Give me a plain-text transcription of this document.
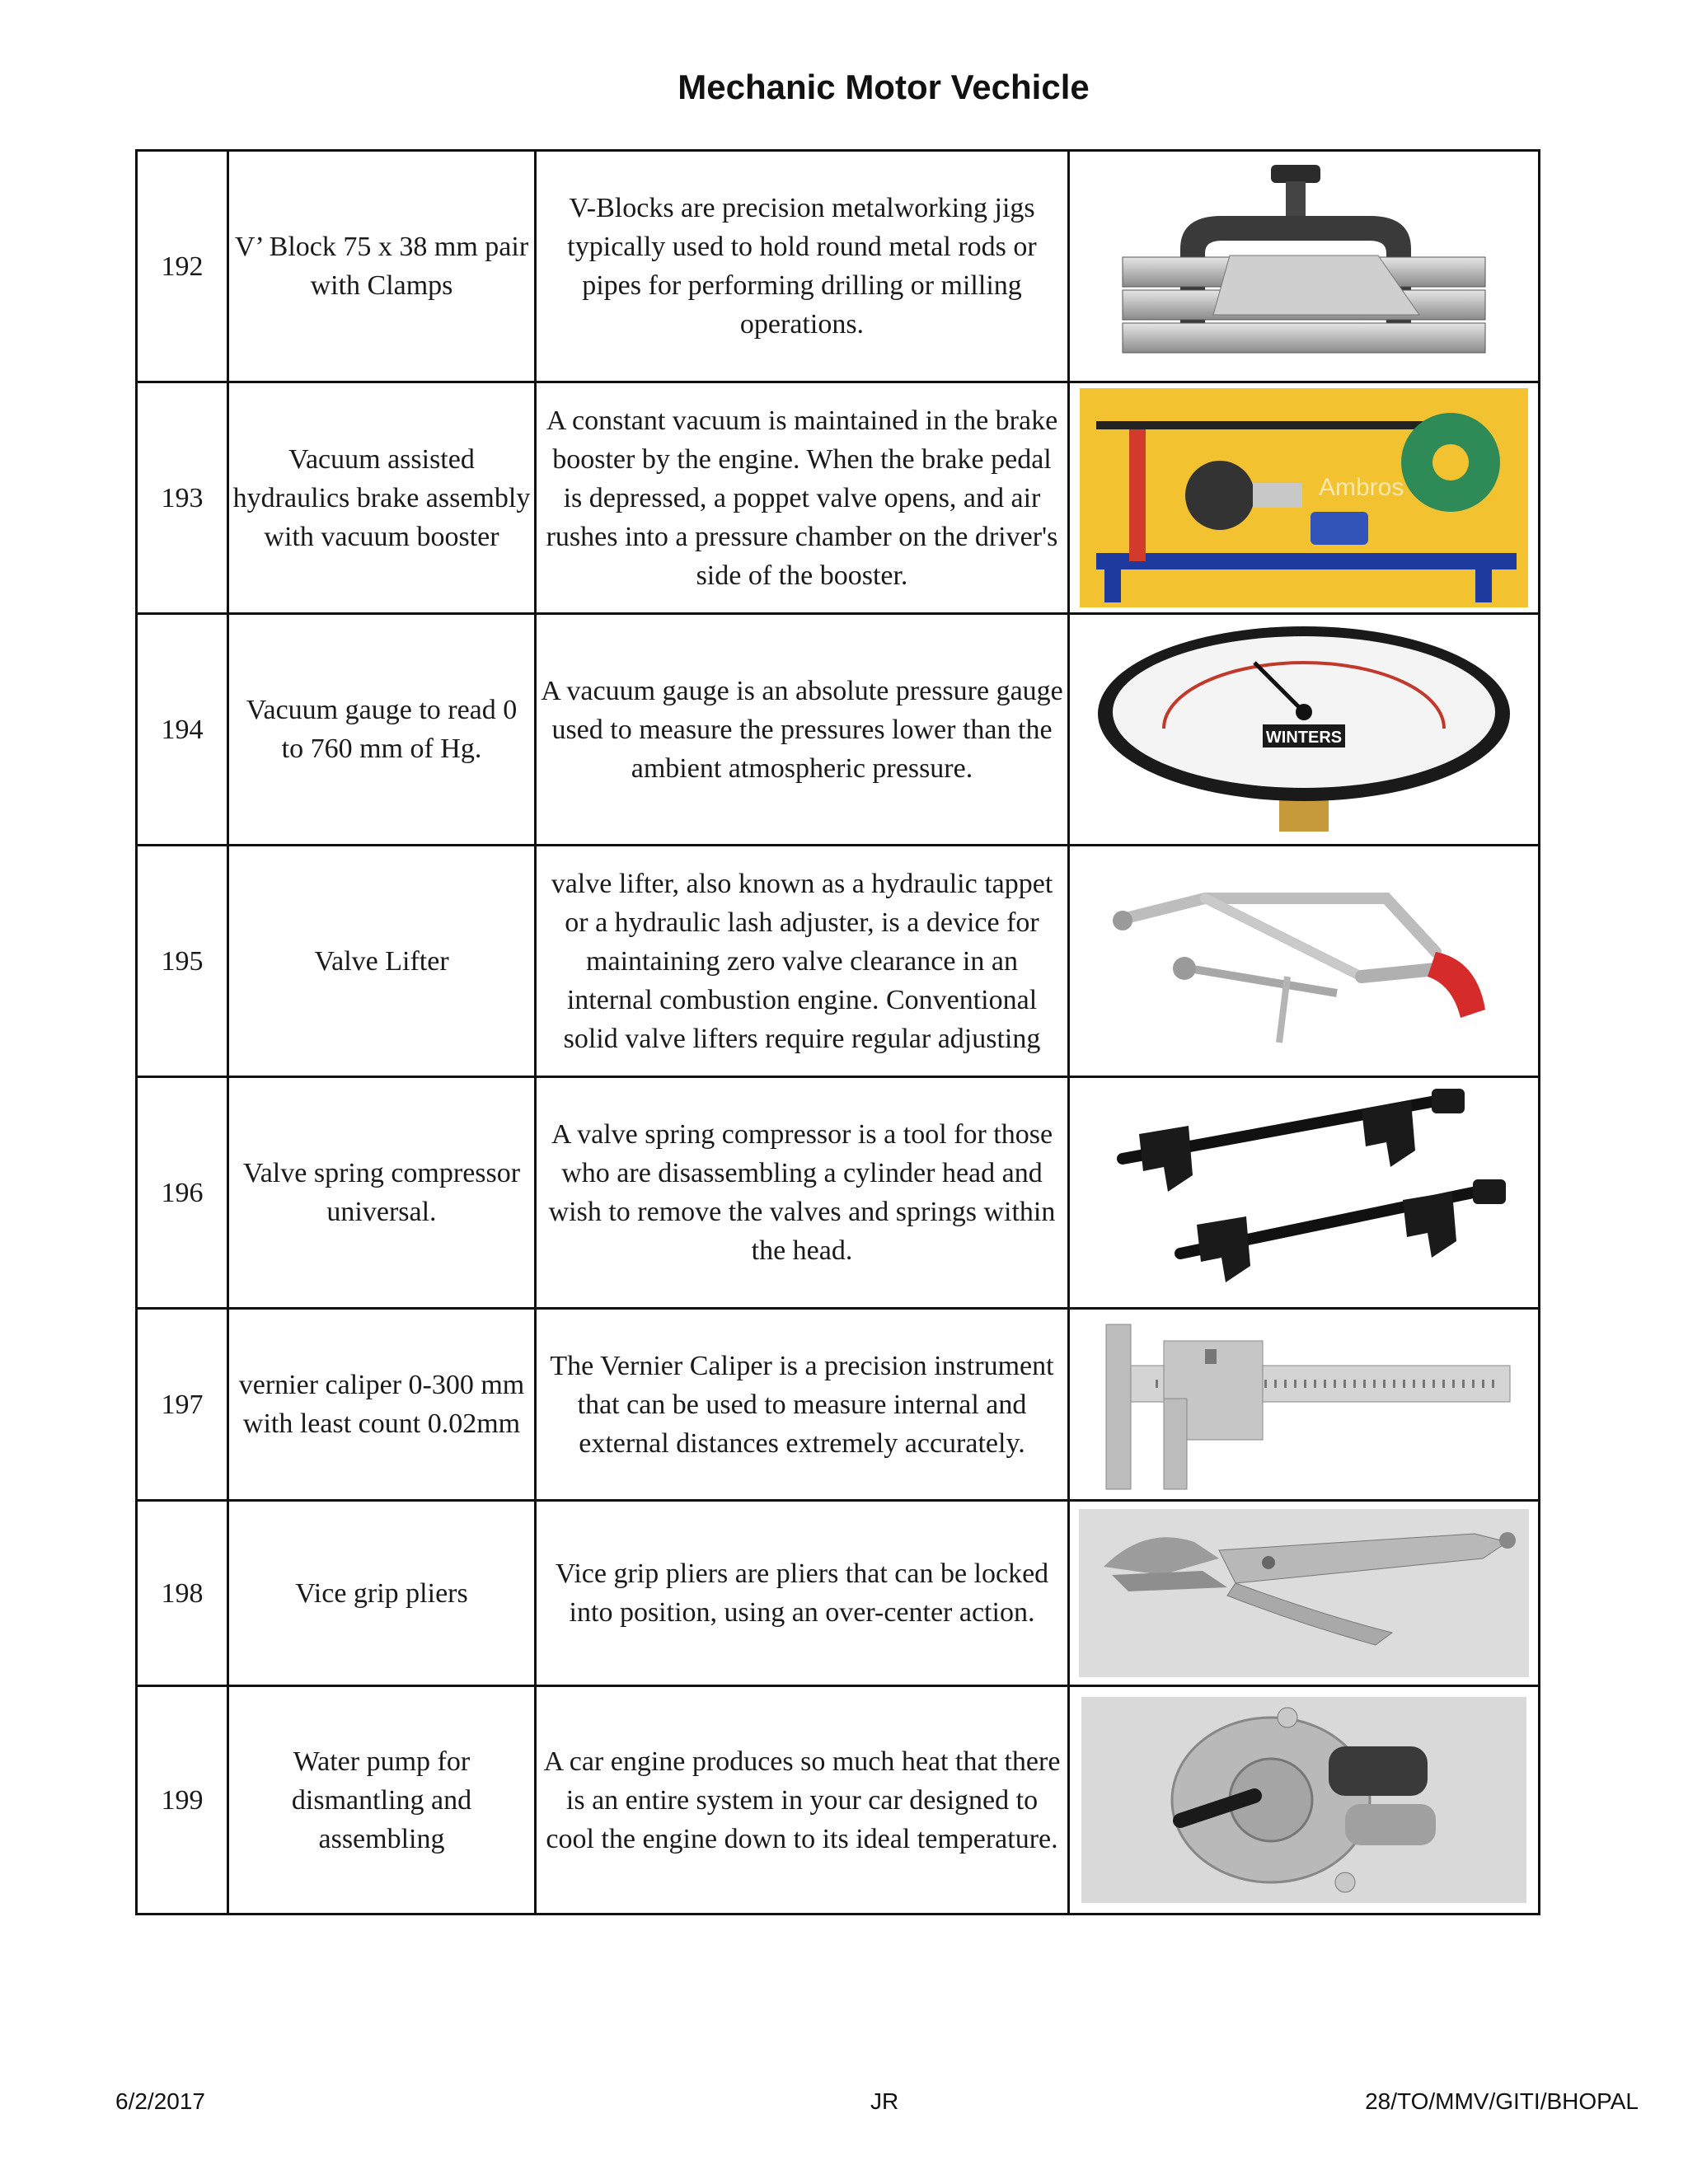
Mechanic Motor Vechicle
192	V’ Block 75 x 38 mm pair with Clamps	V-Blocks are precision metalworking jigs typically used to hold round metal rods or pipes for performing drilling or milling operations.	

193	Vacuum assisted hydraulics brake assembly with vacuum booster	A constant vacuum is maintained in the brake booster by the engine. When the brake pedal is depressed, a poppet valve opens, and air rushes into a pressure chamber on the driver's side of the booster.	Ambros

194	Vacuum gauge to read 0 to 760 mm of Hg.	A vacuum gauge is an absolute pressure gauge used to measure the pressures lower than the ambient atmospheric pressure.	WINTERS

195	Valve Lifter	valve lifter, also known as a hydraulic tappet or a hydraulic lash adjuster, is a device for maintaining zero valve clearance in an internal combustion engine. Conventional solid valve lifters require regular adjusting	

196	Valve spring compressor universal.	A valve spring compressor is a tool for those who are disassembling a cylinder head and wish to remove the valves and springs within the head.	

197	vernier caliper 0-300 mm with least count 0.02mm	The Vernier Caliper is a precision instrument that can be used to measure internal and external distances extremely accurately.	

198	Vice grip pliers	Vice grip pliers are pliers that can be locked into position, using an over-center action.	

199	Water pump for dismantling and assembling	A car engine produces so much heat that there is an entire system in your car designed to cool the engine down to its ideal temperature.	
6/2/2017	JR	28/TO/MMV/GITI/BHOPAL
